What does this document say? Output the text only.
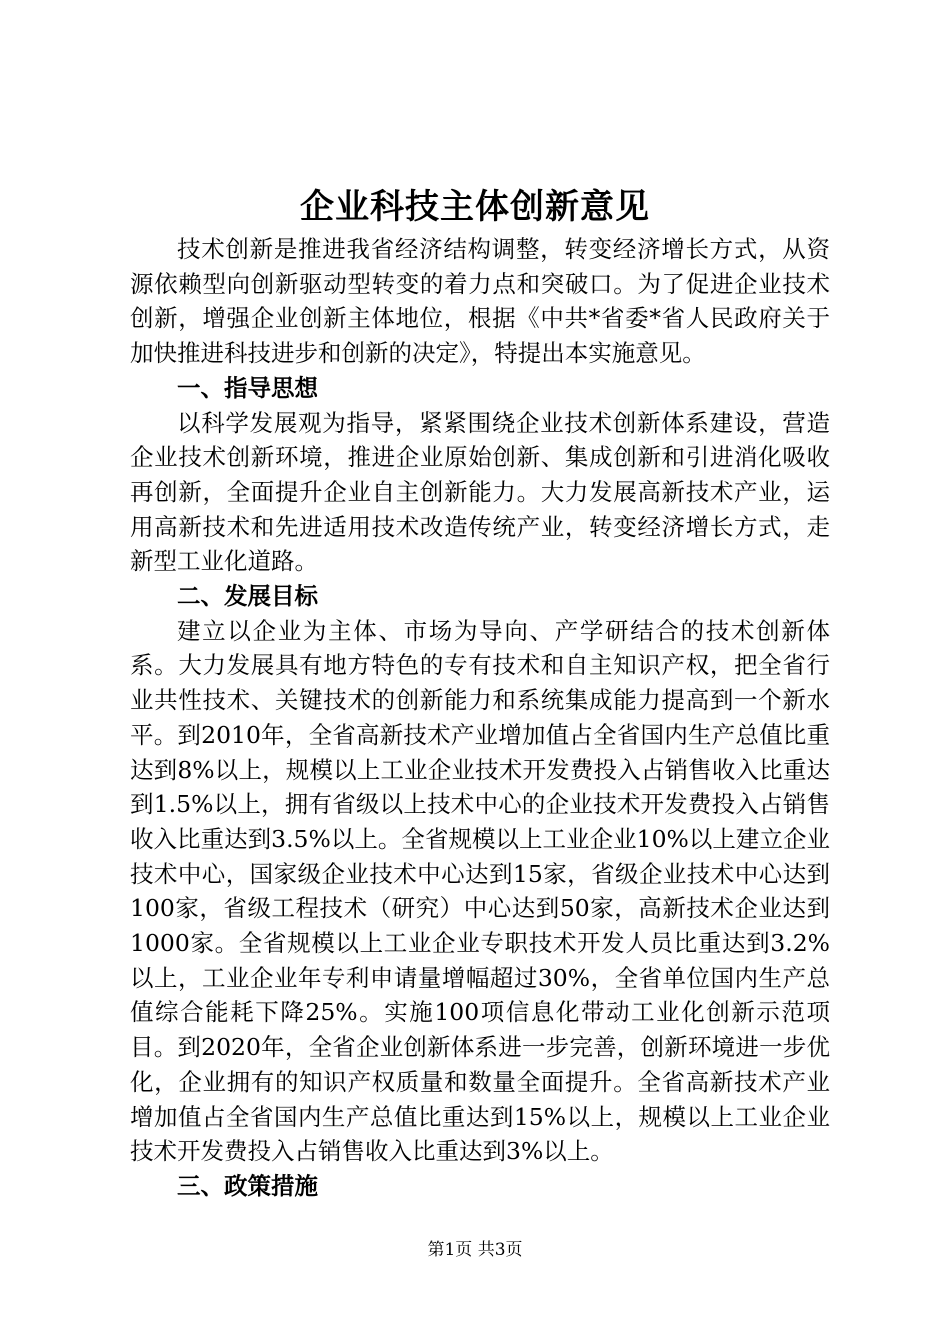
企业科技主体创新意见

技术创新是推进我省经济结构调整，转变经济增长方式，从资源依赖型向创新驱动型转变的着力点和突破口。为了促进企业技术创新，增强企业创新主体地位，根据《中共*省委*省人民政府关于加快推进科技进步和创新的决定》，特提出本实施意见。

一、指导思想

以科学发展观为指导，紧紧围绕企业技术创新体系建设，营造企业技术创新环境，推进企业原始创新、集成创新和引进消化吸收再创新，全面提升企业自主创新能力。大力发展高新技术产业，运用高新技术和先进适用技术改造传统产业，转变经济增长方式，走新型工业化道路。

二、发展目标

建立以企业为主体、市场为导向、产学研结合的技术创新体系。大力发展具有地方特色的专有技术和自主知识产权，把全省行业共性技术、关键技术的创新能力和系统集成能力提高到一个新水平。到2010年，全省高新技术产业增加值占全省国内生产总值比重达到8%以上，规模以上工业企业技术开发费投入占销售收入比重达到1.5%以上，拥有省级以上技术中心的企业技术开发费投入占销售收入比重达到3.5%以上。全省规模以上工业企业10%以上建立企业技术中心，国家级企业技术中心达到15家，省级企业技术中心达到100家，省级工程技术（研究）中心达到50家，高新技术企业达到1000家。全省规模以上工业企业专职技术开发人员比重达到3.2%以上，工业企业年专利申请量增幅超过30%，全省单位国内生产总值综合能耗下降25%。实施100项信息化带动工业化创新示范项目。到2020年，全省企业创新体系进一步完善，创新环境进一步优化，企业拥有的知识产权质量和数量全面提升。全省高新技术产业增加值占全省国内生产总值比重达到15%以上，规模以上工业企业技术开发费投入占销售收入比重达到3%以上。

三、政策措施

第1页 共3页
